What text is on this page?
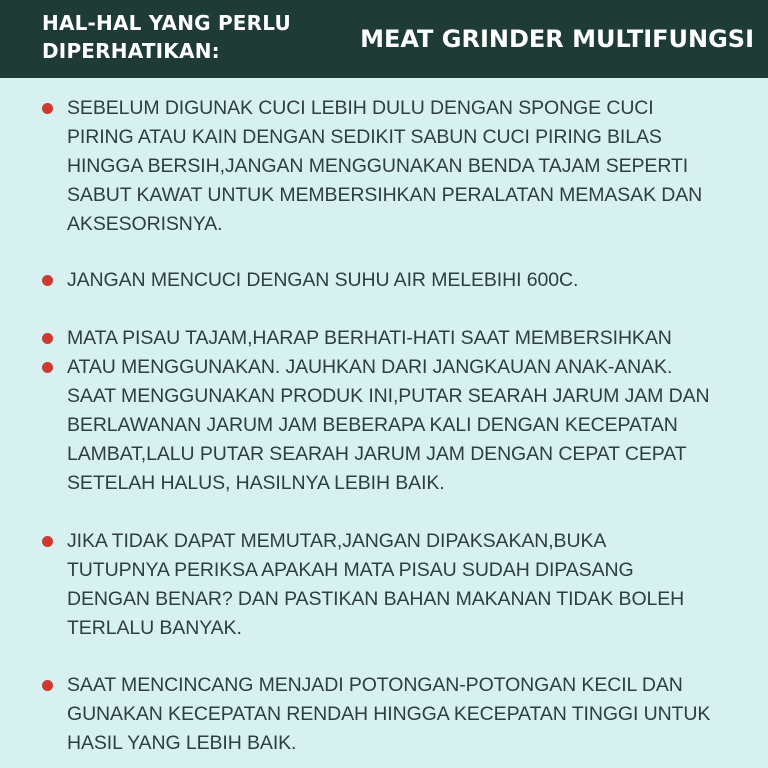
HAL-HAL YANG PERLU
DIPERHATIKAN:	MEAT GRINDER MULTIFUNGSI
SEBELUM DIGUNAK CUCI LEBIH DULU DENGAN SPONGE CUCI
PIRING ATAU KAIN DENGAN SEDIKIT SABUN CUCI PIRING BILAS
HINGGA BERSIH,JANGAN MENGGUNAKAN BENDA TAJAM SEPERTI
SABUT KAWAT UNTUK MEMBERSIHKAN PERALATAN MEMASAK DAN
AKSESORISNYA.
JANGAN MENCUCI DENGAN SUHU AIR MELEBIHI 600C.
MATA PISAU TAJAM,HARAP BERHATI-HATI SAAT MEMBERSIHKAN
ATAU MENGGUNAKAN. JAUHKAN DARI JANGKAUAN ANAK-ANAK.
SAAT MENGGUNAKAN PRODUK INI,PUTAR SEARAH JARUM JAM DAN
BERLAWANAN JARUM JAM BEBERAPA KALI DENGAN KECEPATAN
LAMBAT,LALU PUTAR SEARAH JARUM JAM DENGAN CEPAT CEPAT
SETELAH HALUS, HASILNYA LEBIH BAIK.
JIKA TIDAK DAPAT MEMUTAR,JANGAN DIPAKSAKAN,BUKA
TUTUPNYA PERIKSA APAKAH MATA PISAU SUDAH DIPASANG
DENGAN BENAR? DAN PASTIKAN BAHAN MAKANAN TIDAK BOLEH
TERLALU BANYAK.
SAAT MENCINCANG MENJADI POTONGAN-POTONGAN KECIL DAN
GUNAKAN KECEPATAN RENDAH HINGGA KECEPATAN TINGGI UNTUK
HASIL YANG LEBIH BAIK.
